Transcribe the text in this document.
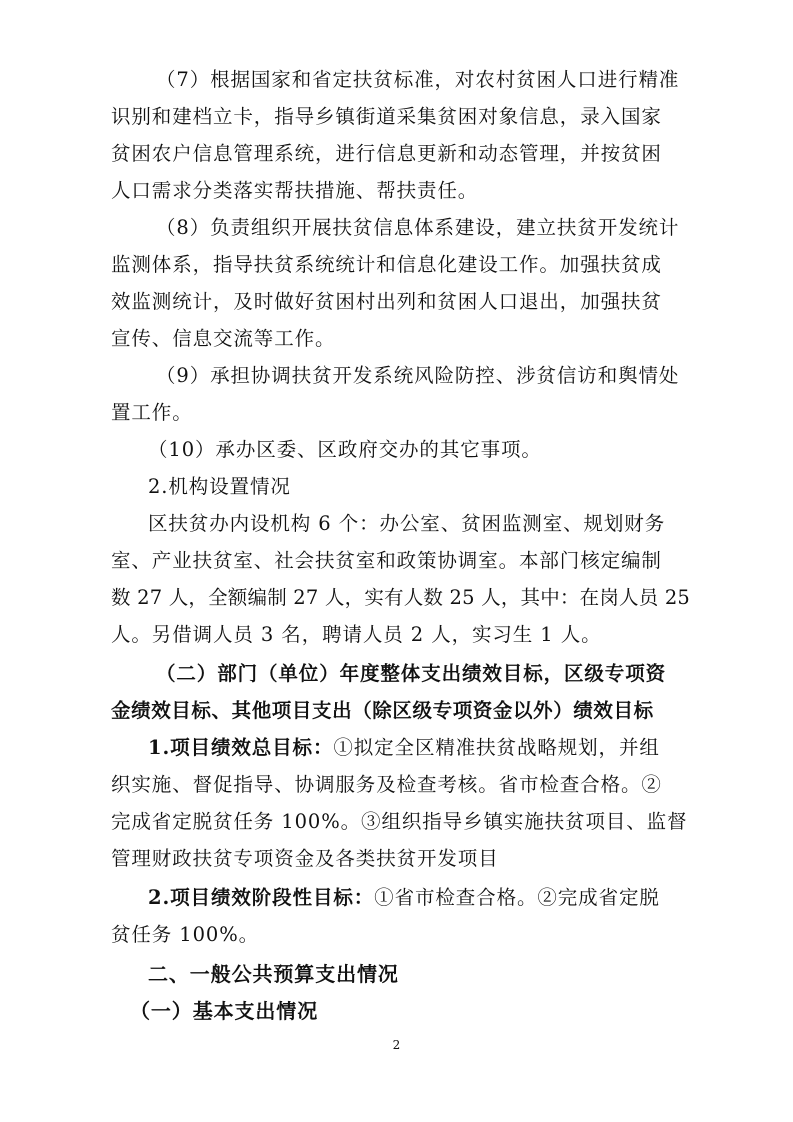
（7）根据国家和省定扶贫标准，对农村贫困人口进行精准
识别和建档立卡，指导乡镇街道采集贫困对象信息，录入国家
贫困农户信息管理系统，进行信息更新和动态管理，并按贫困
人口需求分类落实帮扶措施、帮扶责任。
（8）负责组织开展扶贫信息体系建设，建立扶贫开发统计
监测体系，指导扶贫系统统计和信息化建设工作。加强扶贫成
效监测统计，及时做好贫困村出列和贫困人口退出，加强扶贫
宣传、信息交流等工作。
（9）承担协调扶贫开发系统风险防控、涉贫信访和舆情处
置工作。
（10）承办区委、区政府交办的其它事项。
2.机构设置情况
区扶贫办内设机构 6 个：办公室、贫困监测室、规划财务
室、产业扶贫室、社会扶贫室和政策协调室。本部门核定编制
数 27 人，全额编制 27 人，实有人数 25 人，其中：在岗人员 25
人。另借调人员 3 名，聘请人员 2 人，实习生 1 人。
（二）部门（单位）年度整体支出绩效目标，区级专项资
金绩效目标、其他项目支出（除区级专项资金以外）绩效目标
1.项目绩效总目标：①拟定全区精准扶贫战略规划，并组
织实施、督促指导、协调服务及检查考核。省市检查合格。②
完成省定脱贫任务 100%。③组织指导乡镇实施扶贫项目、监督
管理财政扶贫专项资金及各类扶贫开发项目
2.项目绩效阶段性目标：①省市检查合格。②完成省定脱
贫任务 100%。
二、一般公共预算支出情况
（一）基本支出情况
2
